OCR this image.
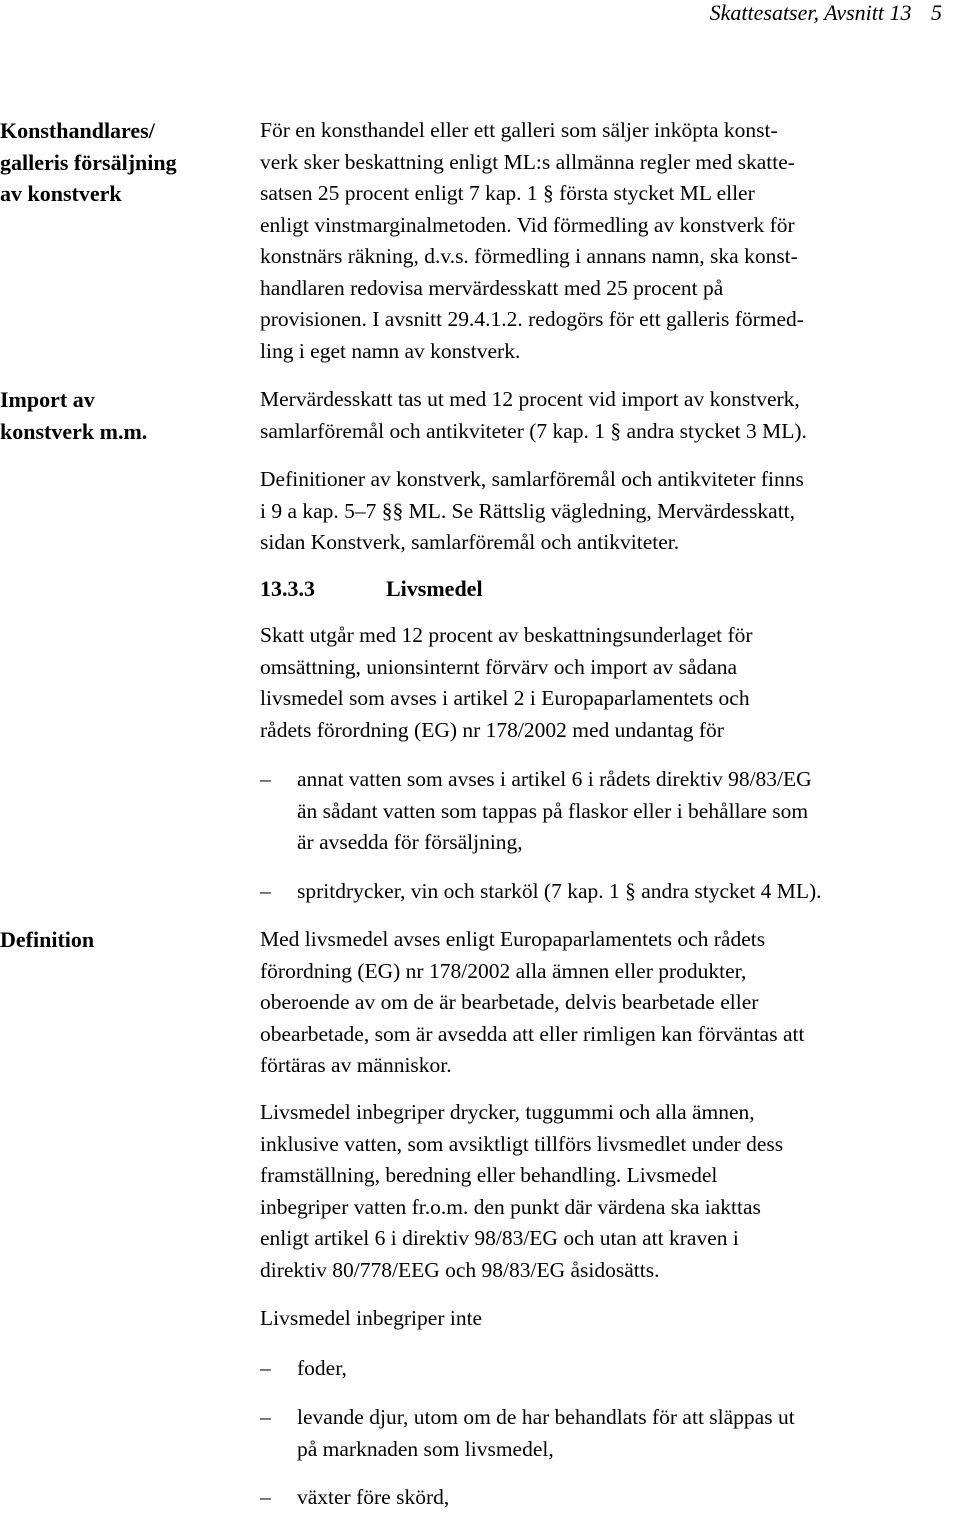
Skattesatser, Avsnitt 13 5
Konsthandlares/
galleris försäljning
av konstverk
Import av
konstverk m.m.
Definition

För en konsthandel eller ett galleri som säljer inköpta konst-

verk sker beskattning enligt ML:s allmänna regler med skatte-

satsen 25 procent enligt 7 kap. 1 § första stycket ML eller

enligt vinstmarginalmetoden. Vid förmedling av konstverk för

konstnärs räkning, d.v.s. förmedling i annans namn, ska konst-

handlaren redovisa mervärdesskatt med 25 procent på

provisionen. I avsnitt 29.4.1.2. redogörs för ett galleris förmed-

ling i eget namn av konstverk.

Mervärdesskatt tas ut med 12 procent vid import av konstverk,

samlarföremål och antikviteter (7 kap. 1 § andra stycket 3 ML).

Definitioner av konstverk, samlarföremål och antikviteter finns

i 9 a kap. 5–7 §§ ML. Se Rättslig vägledning, Mervärdesskatt,

sidan Konstverk, samlarföremål och antikviteter.

13.3.3	Livsmedel

Skatt utgår med 12 procent av beskattningsunderlaget för

omsättning, unionsinternt förvärv och import av sådana

livsmedel som avses i artikel 2 i Europaparlamentets och

rådets förordning (EG) nr 178/2002 med undantag för

– annat vatten som avses i artikel 6 i rådets direktiv 98/83/EG

än sådant vatten som tappas på flaskor eller i behållare som

är avsedda för försäljning,

– spritdrycker, vin och starköl (7 kap. 1 § andra stycket 4 ML).

Med livsmedel avses enligt Europaparlamentets och rådets

förordning (EG) nr 178/2002 alla ämnen eller produkter,

oberoende av om de är bearbetade, delvis bearbetade eller

obearbetade, som är avsedda att eller rimligen kan förväntas att

förtäras av människor.

Livsmedel inbegriper drycker, tuggummi och alla ämnen,

inklusive vatten, som avsiktligt tillförs livsmedlet under dess

framställning, beredning eller behandling. Livsmedel

inbegriper vatten fr.o.m. den punkt där värdena ska iakttas

enligt artikel 6 i direktiv 98/83/EG och utan att kraven i

direktiv 80/778/EEG och 98/83/EG åsidosätts.

Livsmedel inbegriper inte

– foder,

– levande djur, utom om de har behandlats för att släppas ut

på marknaden som livsmedel,

– växter före skörd,
